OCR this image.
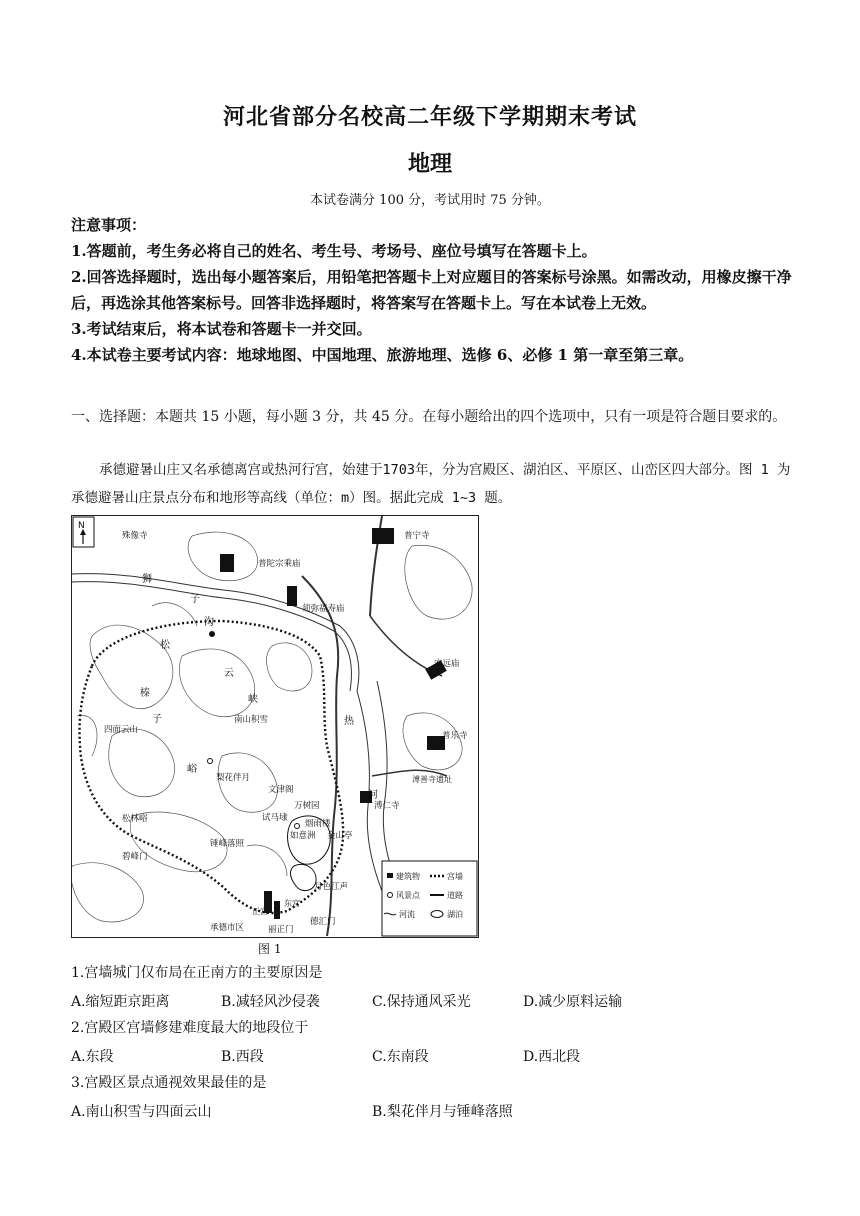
河北省部分名校高二年级下学期期末考试
地理
本试卷满分 100 分，考试用时 75 分钟。
注意事项：
1.答题前，考生务必将自己的姓名、考生号、考场号、座位号填写在答题卡上。
2.回答选择题时，选出每小题答案后，用铅笔把答题卡上对应题目的答案标号涂黑。如需改动，用橡皮擦干净后，再选涂其他答案标号。回答非选择题时，将答案写在答题卡上。写在本试卷上无效。
3.考试结束后，将本试卷和答题卡一并交回。
4.本试卷主要考试内容：地球地图、中国地理、旅游地理、选修 6、必修 1 第一章至第三章。
一、选择题：本题共 15 小题，每小题 3 分，共 45 分。在每小题给出的四个选项中，只有一项是符合题目要求的。
承德避暑山庄又名承德离宫或热河行宫，始建于1703年，分为宫殿区、湖泊区、平原区、山峦区四大部分。图 1 为承德避暑山庄景点分布和地形等高线（单位：m）图。据此完成 1~3 题。
N
普陀宗乘庙
殊像寺	普宁寺
须弥福寿庙
狮
子
沟
安远庙
松
云
峡
南山积雪
四面云山
榛
子
峪
梨花伴月
文津阁
热
河
普乐寺
溥善寺遗址
溥仁寺
万树园
试马埭
烟雨楼
如意洲 金山亭
松林峪
锤峰落照
碧峰门
月色江声
东宫
正宫
丽正门
德汇门
承德市区
建筑物	宫墙
风景点	道路
河流	湖泊
图 1
1.宫墙城门仅布局在正南方的主要原因是
A.缩短距京距离	B.减轻风沙侵袭	C.保持通风采光	D.减少原料运输
2.宫殿区宫墙修建难度最大的地段位于
A.东段	B.西段	C.东南段	D.西北段
3.宫殿区景点通视效果最佳的是
A.南山积雪与四面云山	B.梨花伴月与锤峰落照
